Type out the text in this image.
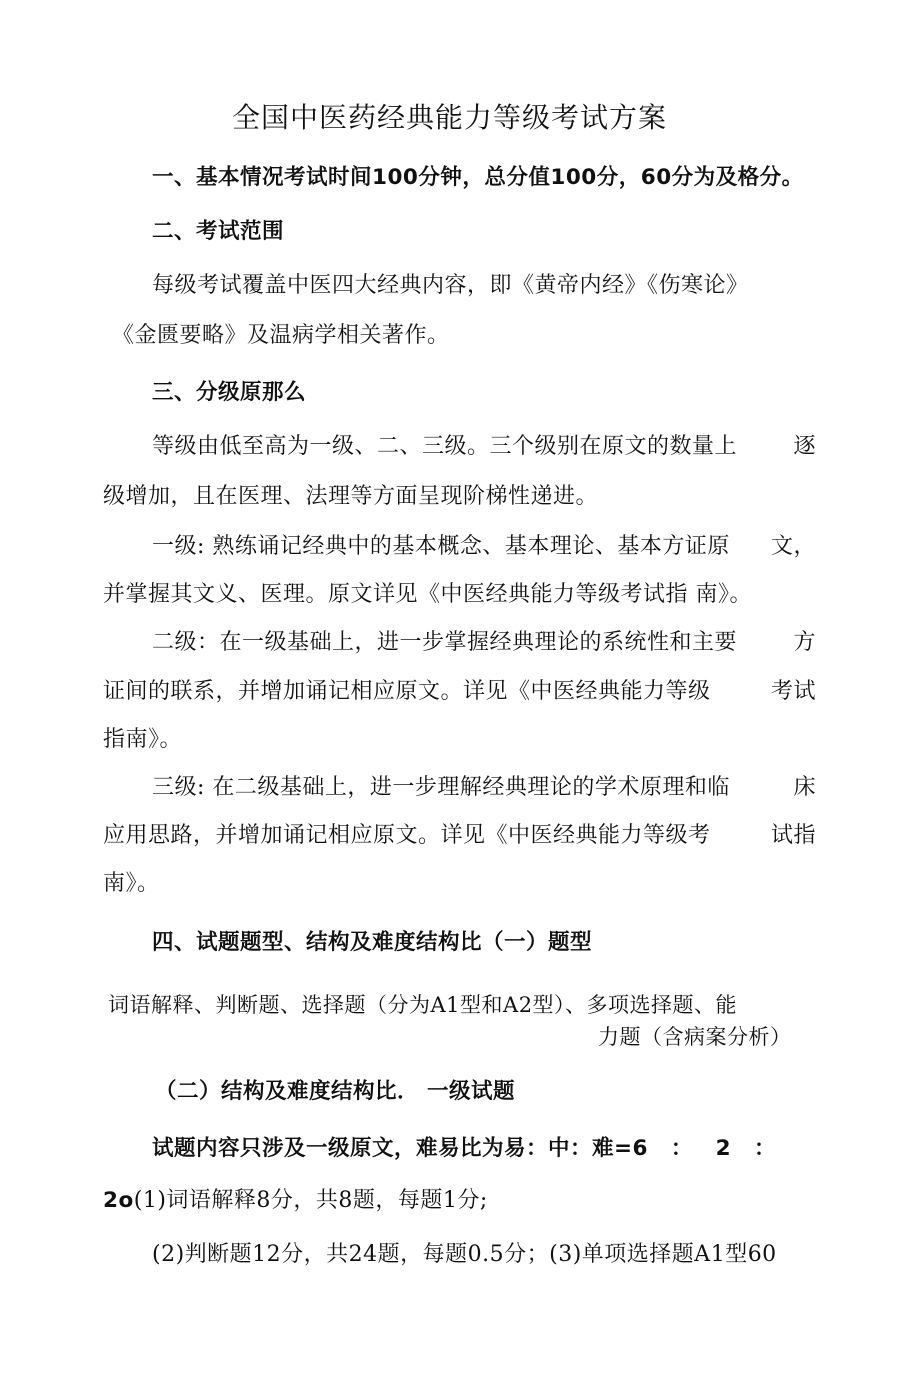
全国中医药经典能力等级考试方案
一、基本情况考试时间100分钟，总分值100分，60分为及格分。
二、考试范围
每级考试覆盖中医四大经典内容，即《黄帝内经》《伤寒论》
《金匮要略》及温病学相关著作。
三、分级原那么
等级由低至高为一级、二、三级。三个级别在原文的数量上	逐
级增加，且在医理、法理等方面呈现阶梯性递进。
一级: 熟练诵记经典中的基本概念、基本理论、基本方证原 文，
并掌握其文义、医理。原文详见《中医经典能力等级考试指 南》。
二级：在一级基础上，进一步掌握经典理论的系统性和主要	方
证间的联系，并增加诵记相应原文。详见《中医经典能力等级	考试
指南》。
三级: 在二级基础上，进一步理解经典理论的学术原理和临	床
应用思路，并增加诵记相应原文。详见《中医经典能力等级考	试指
南》。
四、试题题型、结构及难度结构比（一）题型
词语解释、判断题、选择题（分为A1型和A2型）、多项选择题、能
力题（含病案分析）
（二）结构及难度结构比． 一级试题
试题内容只涉及一级原文，难易比为易：中：难=6 ： 2 ：
2o(1)词语解释8分，共8题，每题1分;
(2)判断题12分，共24题，每题0.5分；(3)单项选择题A1型60
